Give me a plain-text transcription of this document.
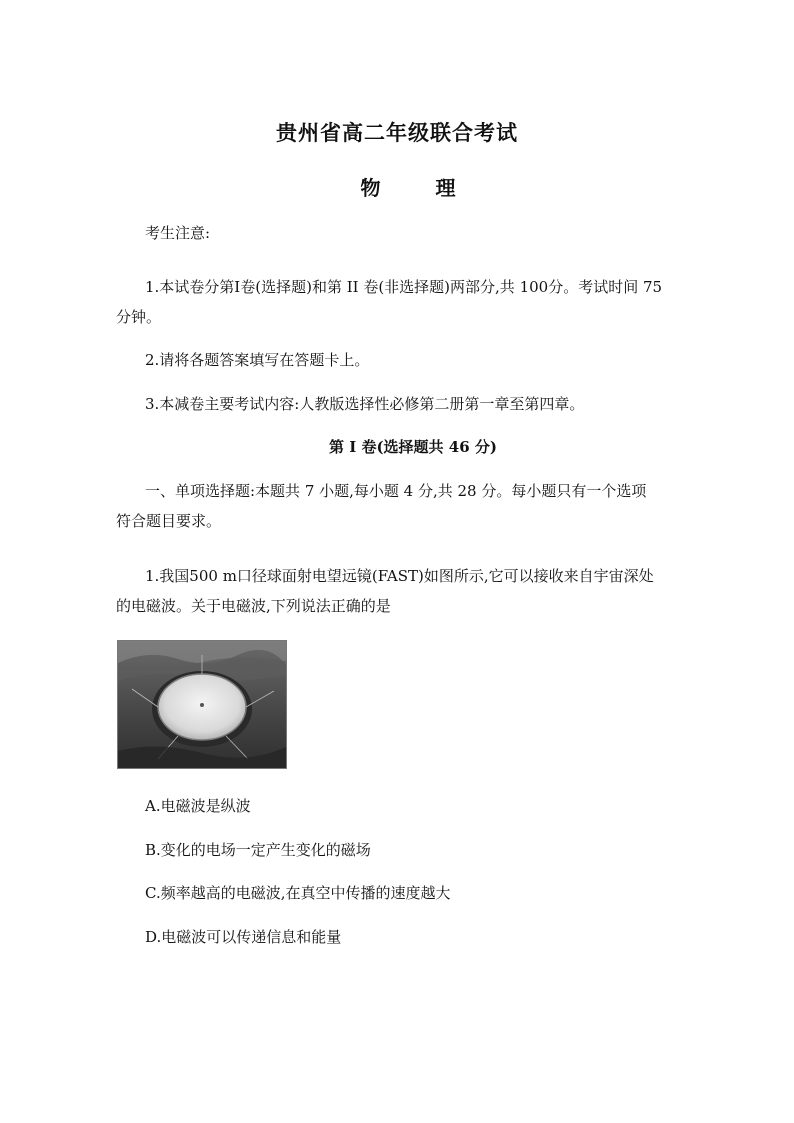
贵州省高二年级联合考试
物 理
考生注意:
1.本试卷分第Ⅰ卷(选择题)和第 II 卷(非选择题)两部分,共 100分。考试时间 75
分钟。
2.请将各题答案填写在答题卡上。
3.本减卷主要考试内容:人教版选择性必修第二册第一章至第四章。
第 I 卷(选择题共 46 分)
一、单项选择题:本题共 7 小题,每小题 4 分,共 28 分。每小题只有一个选项
符合题目要求。
1.我国500 m口径球面射电望远镜(FAST)如图所示,它可以接收来自宇宙深处
的电磁波。关于电磁波,下列说法正确的是
A.电磁波是纵波
B.变化的电场一定产生变化的磁场
C.频率越高的电磁波,在真空中传播的速度越大
D.电磁波可以传递信息和能量
